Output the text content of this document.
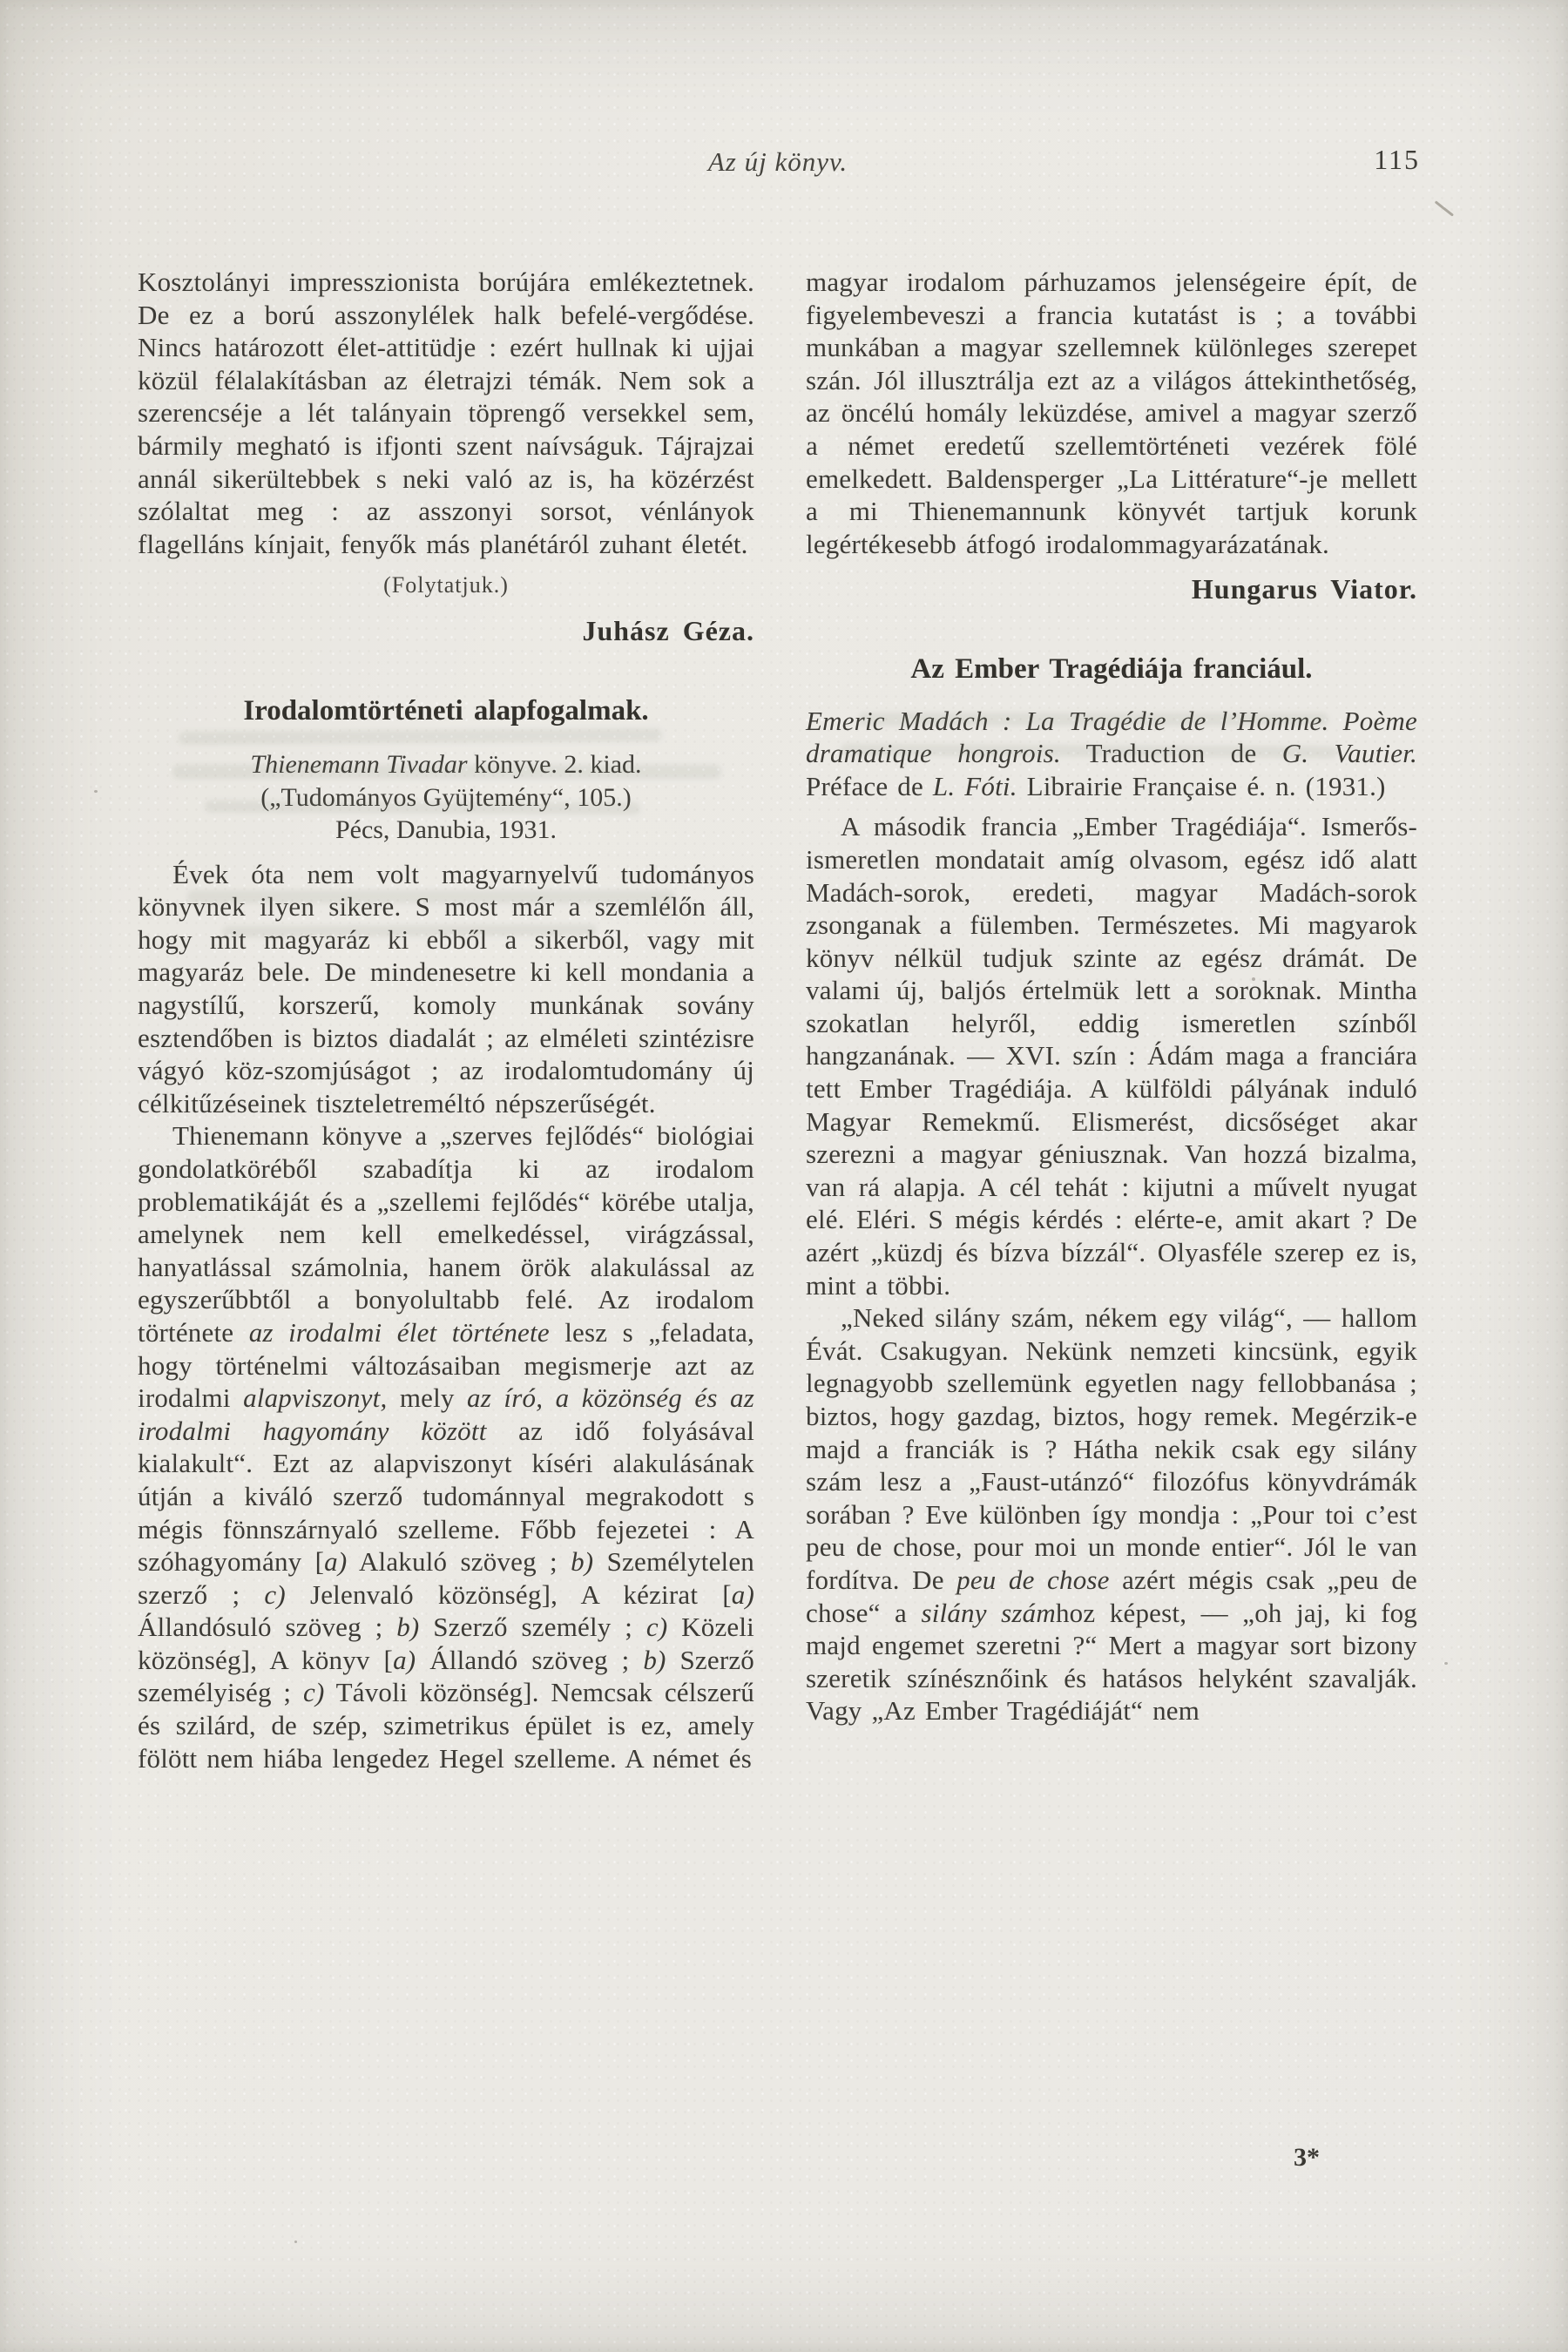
Az új könyv.	115

Kosztolányi impresszionista borújára emlékeztetnek. De ez a ború asszonylélek halk befelé-vergődése. Nincs határozott élet-attitüdje : ezért hullnak ki ujjai közül félalakításban az életrajzi témák. Nem sok a szerencséje a lét talányain töprengő versekkel sem, bármily megható is ifjonti szent naívságuk. Tájrajzai annál sikerültebbek s neki való az is, ha közérzést szólaltat meg : az asszonyi sorsot, vénlányok flagelláns kínjait, fenyők más planétáról zuhant életét.

(Folytatjuk.)

Juhász Géza.

Irodalomtörténeti alapfogalmak.
Thienemann Tivadar könyve. 2. kiad.
(„Tudományos Gyüjtemény“, 105.)
Pécs, Danubia, 1931.

Évek óta nem volt magyarnyelvű tudományos könyvnek ilyen sikere. S most már a szemlélőn áll, hogy mit magyaráz ki ebből a sikerből, vagy mit magyaráz bele. De mindenesetre ki kell mondania a nagystílű, korszerű, komoly munkának sovány esztendőben is biztos diadalát ; az elméleti szintézisre vágyó köz-szomjúságot ; az irodalomtudomány új célkitűzéseinek tiszteletreméltó népszerűségét.

Thienemann könyve a „szerves fejlődés“ biológiai gondolatköréből szabadítja ki az irodalom problematikáját és a „szellemi fejlődés“ körébe utalja, amelynek nem kell emelkedéssel, virágzással, hanyatlással számolnia, hanem örök alakulással az egyszerűbbtől a bonyolultabb felé. Az irodalom története az irodalmi élet története lesz s „feladata, hogy történelmi változásaiban megismerje azt az irodalmi alapviszonyt, mely az író, a közönség és az irodalmi hagyomány között az idő folyásával kialakult“. Ezt az alapviszonyt kíséri alakulásának útján a kiváló szerző tudománnyal megrakodott s mégis fönnszárnyaló szelleme. Főbb fejezetei : A szóhagyomány [a) Alakuló szöveg ; b) Személytelen szerző ; c) Jelenvaló közönség], A kézirat [a) Állandósuló szöveg ; b) Szerző személy ; c) Közeli közönség], A könyv [a) Állandó szöveg ; b) Szerző személyiség ; c) Távoli közönség]. Nemcsak célszerű és szilárd, de szép, szimetrikus épület is ez, amely fölött nem hiába lengedez Hegel szelleme. A német és

magyar irodalom párhuzamos jelenségeire épít, de figyelembeveszi a francia kutatást is ; a további munkában a magyar szellemnek különleges szerepet szán. Jól illusztrálja ezt az a világos áttekinthetőség, az öncélú homály leküzdése, amivel a magyar szerző a német eredetű szellemtörténeti vezérek fölé emelkedett. Baldensperger „La Littérature“-je mellett a mi Thienemannunk könyvét tartjuk korunk legértékesebb átfogó irodalommagyarázatának.

Hungarus Viator.

Az Ember Tragédiája franciául.

Emeric Madách : La Tragédie de l’Homme. Poème dramatique hongrois. Traduction de G. Vautier. Préface de L. Fóti. Librairie Française é. n. (1931.)

A második francia „Ember Tragédiája“. Ismerős-ismeretlen mondatait amíg olvasom, egész idő alatt Madách-sorok, eredeti, magyar Madách-sorok zsonganak a fülemben. Természetes. Mi magyarok könyv nélkül tudjuk szinte az egész drámát. De valami új, baljós értelmük lett a soroknak. Mintha szokatlan helyről, eddig ismeretlen színből hangzanának. — XVI. szín : Ádám maga a franciára tett Ember Tragédiája. A külföldi pályának induló Magyar Remekmű. Elismerést, dicsőséget akar szerezni a magyar géniusznak. Van hozzá bizalma, van rá alapja. A cél tehát : kijutni a művelt nyugat elé. Eléri. S mégis kérdés : elérte-e, amit akart ? De azért „küzdj és bízva bízzál“. Olyasféle szerep ez is, mint a többi.

„Neked silány szám, nékem egy világ“, — hallom Évát. Csakugyan. Nekünk nemzeti kincsünk, egyik legnagyobb szellemünk egyetlen nagy fellobbanása ; biztos, hogy gazdag, biztos, hogy remek. Megérzik-e majd a franciák is ? Hátha nekik csak egy silány szám lesz a „Faust-utánzó“ filozófus könyvdrámák sorában ? Eve különben így mondja : „Pour toi c’est peu de chose, pour moi un monde entier“. Jól le van fordítva. De peu de chose azért mégis csak „peu de chose“ a silány számhoz képest, — „oh jaj, ki fog majd engemet szeretni ?“ Mert a magyar sort bizony szeretik színésznőink és hatásos helyként szavalják. Vagy „Az Ember Tragédiáját“ nem

3*
